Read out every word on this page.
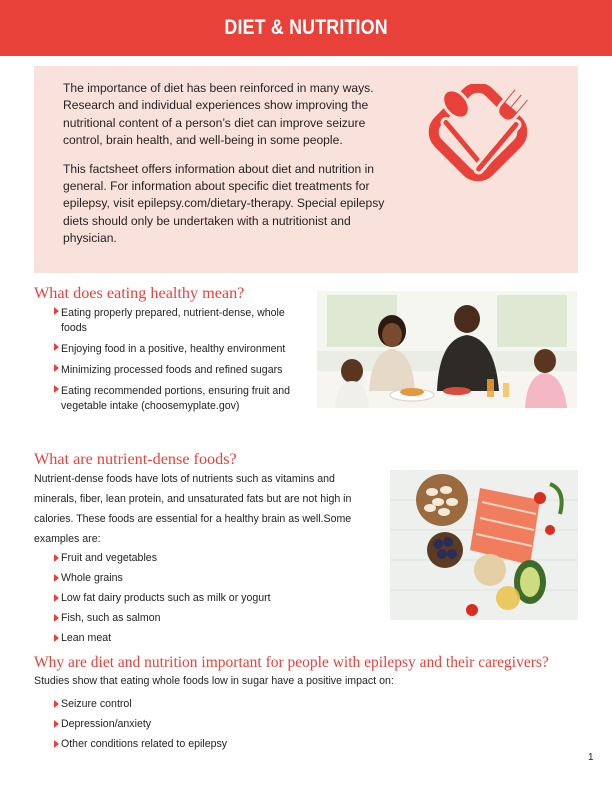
DIET & NUTRITION

The importance of diet has been reinforced in many ways. Research and individual experiences show improving the nutritional content of a person’s diet can improve seizure control, brain health, and well-being in some people.

This factsheet offers information about diet and nutrition in general. For information about specific diet treatments for epilepsy, visit epilepsy.com/dietary-therapy. Special epilepsy diets should only be undertaken with a nutritionist and physician.

What does eating healthy mean?
Eating properly prepared, nutrient-dense, whole foods
Enjoying food in a positive, healthy environment
Minimizing processed foods and refined sugars
Eating recommended portions, ensuring fruit and vegetable intake (choosemyplate.gov)
What are nutrient-dense foods?

Nutrient-dense foods have lots of nutrients such as vitamins and minerals, fiber, lean protein, and unsaturated fats but are not high in calories. These foods are essential for a healthy brain as well.Some examples are:

Fruit and vegetables
Whole grains
Low fat dairy products such as milk or yogurt
Fish, such as salmon
Lean meat
Why are diet and nutrition important for people with epilepsy and their caregivers?

Studies show that eating whole foods low in sugar have a positive impact on:

Seizure control
Depression/anxiety
Other conditions related to epilepsy
1
